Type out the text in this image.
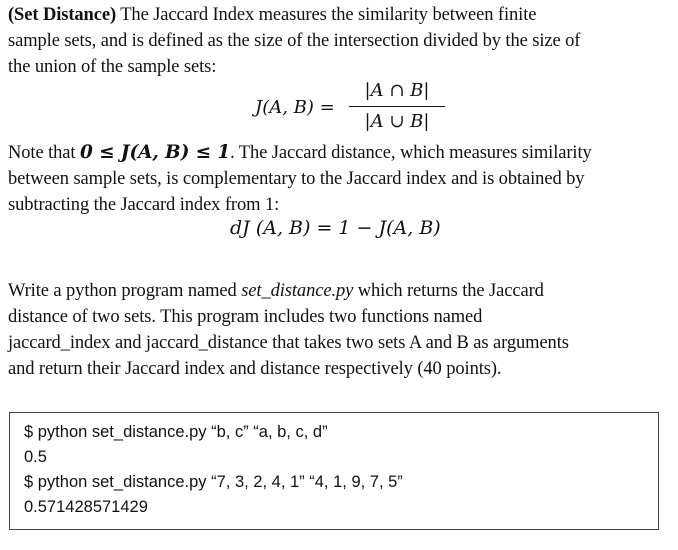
(Set Distance) The Jaccard Index measures the similarity between finite
sample sets, and is defined as the size of the intersection divided by the size of
the union of the sample sets:
J(A, B) =
|A ∩ B|
|A ∪ B|
Note that 0 ≤ J(A, B) ≤ 1. The Jaccard distance, which measures similarity
between sample sets, is complementary to the Jaccard index and is obtained by
subtracting the Jaccard index from 1:
dJ (A, B) = 1 − J(A, B)
Write a python program named set_distance.py which returns the Jaccard
distance of two sets. This program includes two functions named
jaccard_index and jaccard_distance that takes two sets A and B as arguments
and return their Jaccard index and distance respectively (40 points).
$ python set_distance.py “b, c” “a, b, c, d”
0.5
$ python set_distance.py “7, 3, 2, 4, 1” “4, 1, 9, 7, 5”
0.571428571429
